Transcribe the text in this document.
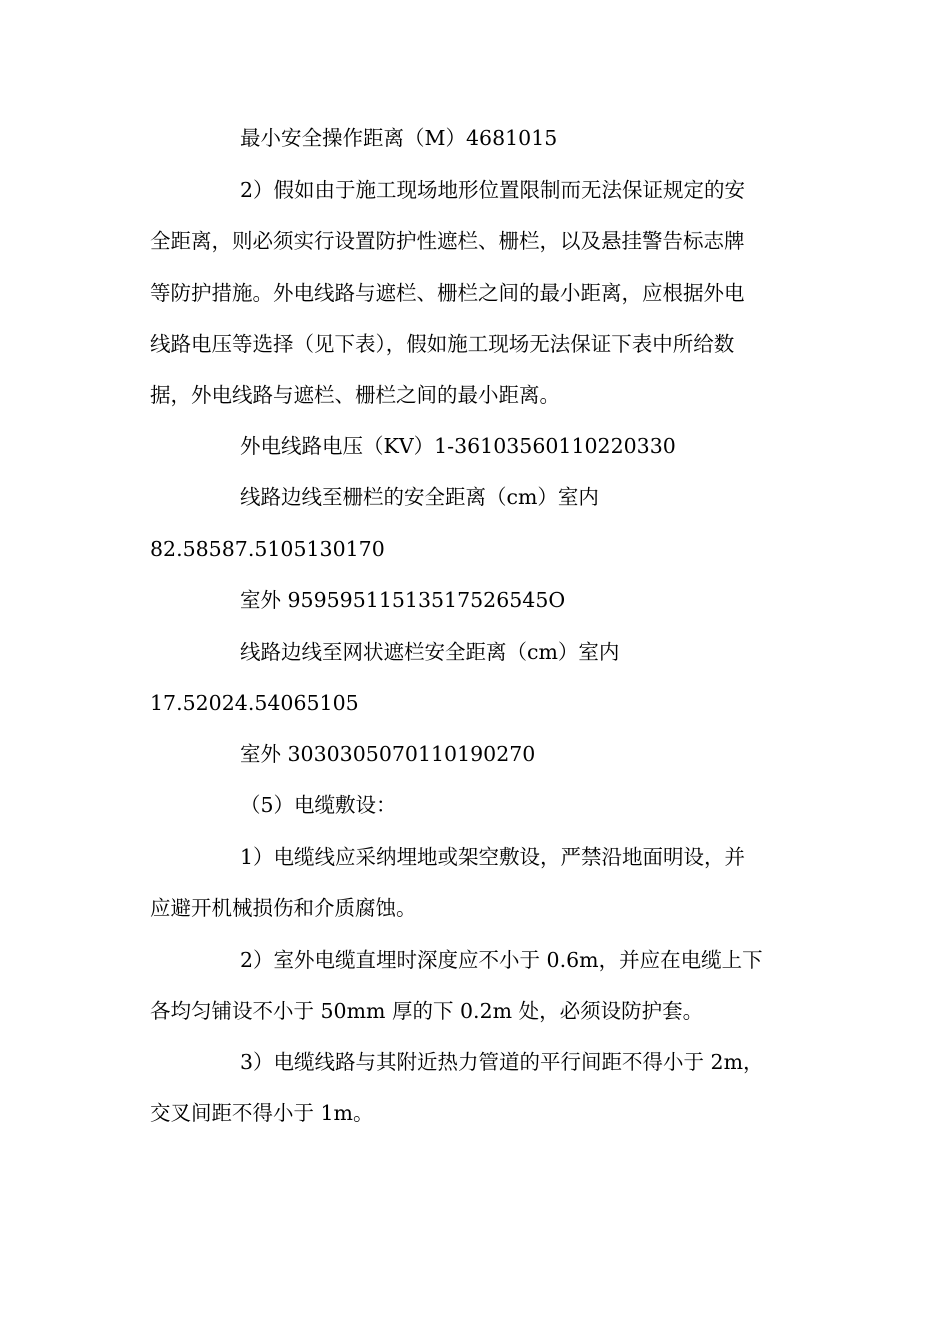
最小安全操作距离（M）4681015
2）假如由于施工现场地形位置限制而无法保证规定的安
全距离，则必须实行设置防护性遮栏、栅栏，以及悬挂警告标志牌
等防护措施。外电线路与遮栏、栅栏之间的最小距离，应根据外电
线路电压等选择（见下表），假如施工现场无法保证下表中所给数
据，外电线路与遮栏、栅栏之间的最小距离。
外电线路电压（KV）1-36103560110220330
线路边线至栅栏的安全距离（cm）室内
82.58587.5105130170
室外 95959511513517526545O
线路边线至网状遮栏安全距离（cm）室内
17.52024.54065105
室外 3030305070110190270
（5）电缆敷设：
1）电缆线应采纳埋地或架空敷设，严禁沿地面明设，并
应避开机械损伤和介质腐蚀。
2）室外电缆直埋时深度应不小于 0.6m，并应在电缆上下
各均匀铺设不小于 50mm 厚的下 0.2m 处，必须设防护套。
3）电缆线路与其附近热力管道的平行间距不得小于 2m，
交叉间距不得小于 1m。
